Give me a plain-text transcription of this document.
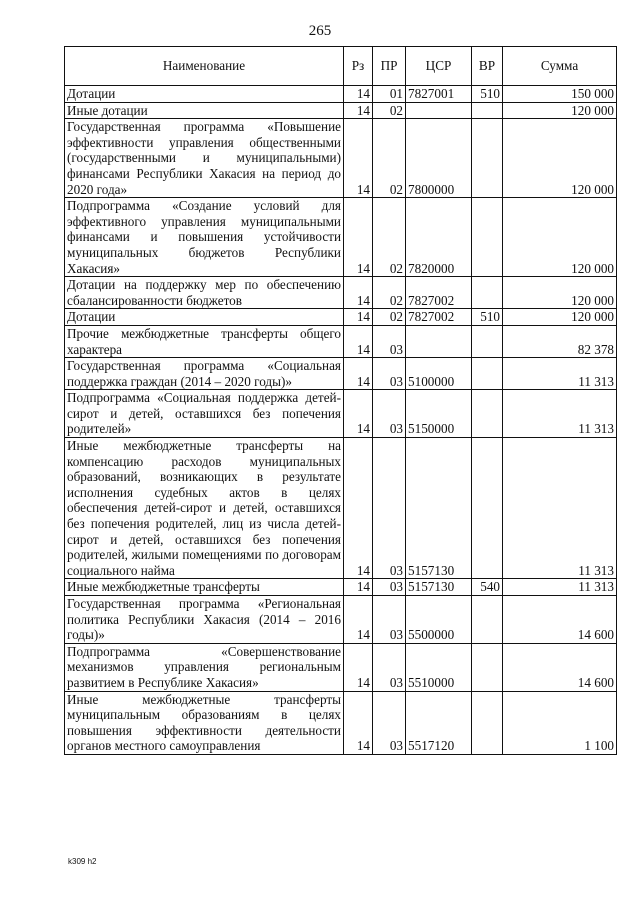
265
Наименование	Рз	ПР	ЦСР	ВР	Сумма
Дотации	14	01	7827001	510	150 000
Иные дотации	14	02			120 000
Государственная программа «Повышение эффективности управления общественными (государственными и муниципальными) финансами Республики Хакасия на период до 2020 года»	14	02	7800000		120 000
Подпрограмма «Создание условий для эффективного управления муниципальными финансами и повышения устойчивости муниципальных бюджетов Республики Хакасия»	14	02	7820000		120 000
Дотации на поддержку мер по обеспечению сбалансированности бюджетов	14	02	7827002		120 000
Дотации	14	02	7827002	510	120 000
Прочие межбюджетные трансферты общего характера	14	03			82 378
Государственная программа «Социальная поддержка граждан (2014 – 2020 годы)»	14	03	5100000		11 313
Подпрограмма «Социальная поддержка детей-сирот и детей, оставшихся без попечения родителей»	14	03	5150000		11 313
Иные межбюджетные трансферты на компенсацию расходов муниципальных образований, возникающих в результате исполнения судебных актов в целях обеспечения детей-сирот и детей, оставшихся без попечения родителей, лиц из числа детей-сирот и детей, оставшихся без попечения родителей, жилыми помещениями по договорам социального найма	14	03	5157130		11 313
Иные межбюджетные трансферты	14	03	5157130	540	11 313
Государственная программа «Региональная политика Республики Хакасия (2014 – 2016 годы)»	14	03	5500000		14 600
Подпрограмма «Совершенствование механизмов управления региональным развитием в Республике Хакасия»	14	03	5510000		14 600
Иные межбюджетные трансферты муниципальным образованиям в целях повышения эффективности деятельности органов местного самоуправления	14	03	5517120		1 100
k309 h2
